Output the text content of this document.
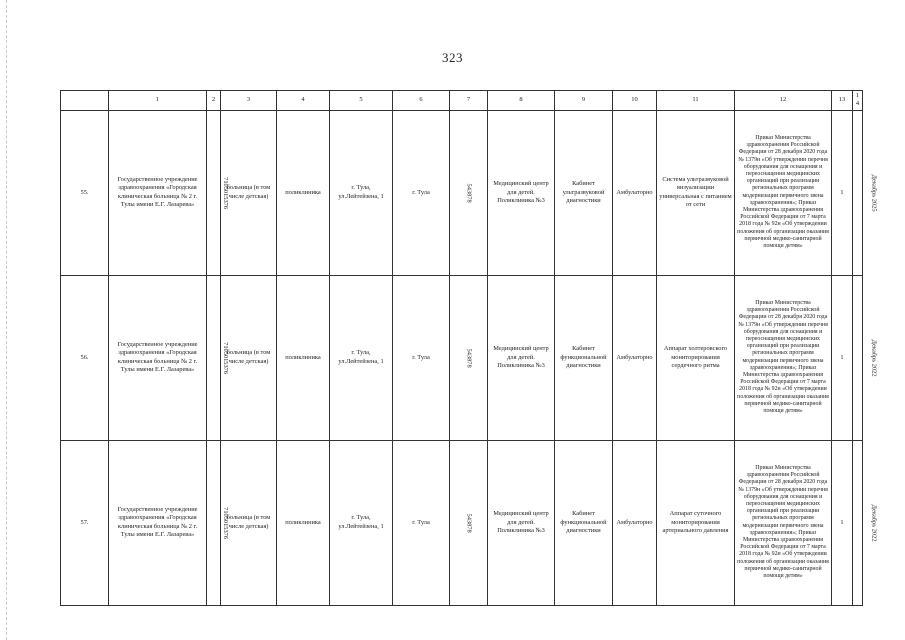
323
	1	2	3	4	5	6	7	8	9	10	11	12	13	14
55.	Государственное учреждение здравоохранения «Городская клиническая больница № 2 г. Тулы имени Е.Г. Лазарева»	7105015376	больница (в том числе детская)	поликлиника	г. Тула, ул.Лейтейзена, 1	г. Тула	543878	Медицинский центр для детей. Поликлиника №3	Кабинет ультразвуковой диагностики	Амбулаторно	Система ультразвуковой визуализации универсальная с питанием от сети	Приказ Министерства здравоохранения Российской Федерации от 28 декабря 2020 года № 1379н «Об утверждении перечня оборудования для оснащения и переоснащения медицинских организаций при реализации региональных программ модернизации первичного звена здравоохранения»; Приказ Министерства здравоохранения Российской Федерации от 7 марта 2018 года № 92н «Об утверждении положения об организации оказания первичной медико-санитарной помощи детям»	1	Декабрь 2025
56.	Государственное учреждение здравоохранения «Городская клиническая больница № 2 г. Тулы имени Е.Г. Лазарева»	7105015376	больница (в том числе детская)	поликлиника	г. Тула, ул.Лейтейзена, 1	г. Тула	543878	Медицинский центр для детей. Поликлиника №3	Кабинет функциональной диагностики	Амбулаторно	Аппарат холтеровского мониторирования сердечного ритма	Приказ Министерства здравоохранения Российской Федерации от 28 декабря 2020 года № 1379н «Об утверждении перечня оборудования для оснащения и переоснащения медицинских организаций при реализации региональных программ модернизации первичного звена здравоохранения»; Приказ Министерства здравоохранения Российской Федерации от 7 марта 2018 года № 92н «Об утверждении положения об организации оказания первичной медико-санитарной помощи детям»	1	Декабрь 2022
57.	Государственное учреждение здравоохранения «Городская клиническая больница № 2 г. Тулы имени Е.Г. Лазарева»	7105015376	больница (в том числе детская)	поликлиника	г. Тула, ул.Лейтейзена, 1	г. Тула	543878	Медицинский центр для детей. Поликлиника №3	Кабинет функциональной диагностики	Амбулаторно	Аппарат суточного мониторирования артериального давления	Приказ Министерства здравоохранения Российской Федерации от 28 декабря 2020 года № 1379н «Об утверждении перечня оборудования для оснащения и переоснащения медицинских организаций при реализации региональных программ модернизации первичного звена здравоохранения»; Приказ Министерства здравоохранения Российской Федерации от 7 марта 2018 года № 92н «Об утверждении положения об организации оказания первичной медико-санитарной помощи детям»	1	Декабрь 2022
